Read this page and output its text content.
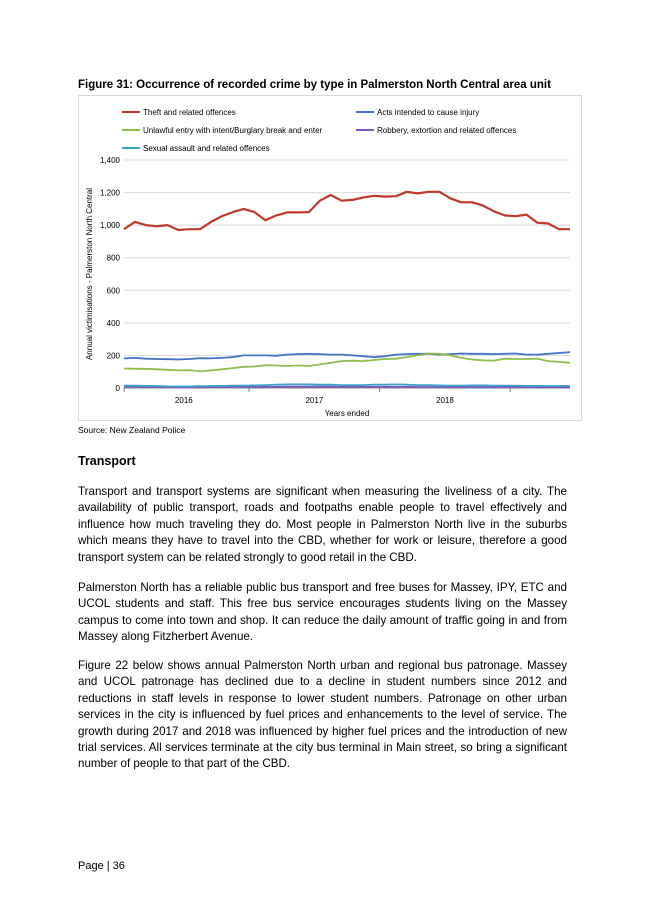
Figure 31: Occurrence of recorded crime by type in Palmerston North Central area unit
0
200
400
600
800
1,000
1,200
1,400
2016	2017	2018
Years ended
Annual victimisations - Palmerston North Central
Theft and related offences	Acts intended to cause injury
Unlawful entry with intent/Burglary break and enter	Robbery, extortion and related offences
Sexual assault and related offences
Source: New Zealand Police
Transport

Transport and transport systems are significant when measuring the liveliness of a city. The availability of public transport, roads and footpaths enable people to travel effectively and influence how much traveling they do. Most people in Palmerston North live in the suburbs which means they have to travel into the CBD, whether for work or leisure, therefore a good transport system can be related strongly to good retail in the CBD.

Palmerston North has a reliable public bus transport and free buses for Massey, IPY, ETC and UCOL students and staff. This free bus service encourages students living on the Massey campus to come into town and shop. It can reduce the daily amount of traffic going in and from Massey along Fitzherbert Avenue.

Figure 22 below shows annual Palmerston North urban and regional bus patronage. Massey and UCOL patronage has declined due to a decline in student numbers since 2012 and reductions in staff levels in response to lower student numbers. Patronage on other urban services in the city is influenced by fuel prices and enhancements to the level of service. The growth during 2017 and 2018 was influenced by higher fuel prices and the introduction of new trial services. All services terminate at the city bus terminal in Main street, so bring a significant number of people to that part of the CBD.

Page | 36
